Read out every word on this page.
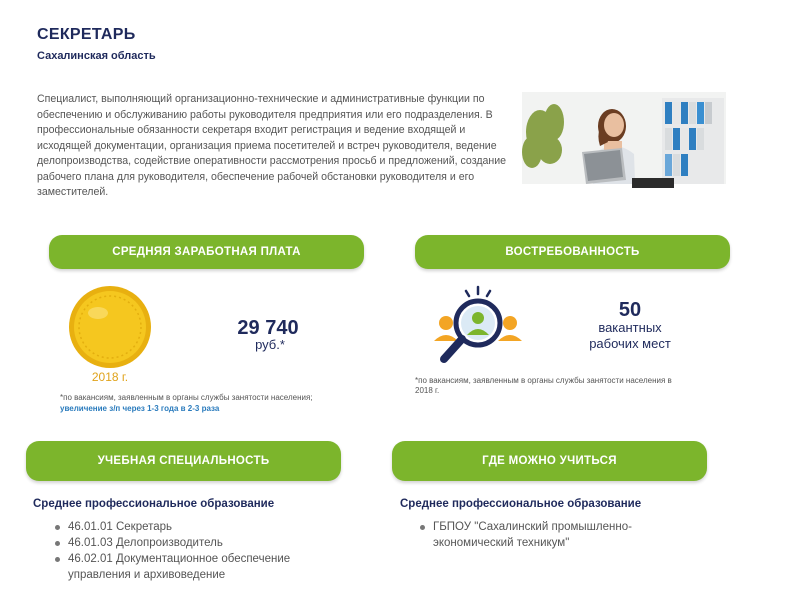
СЕКРЕТАРЬ
Сахалинская область
Специалист, выполняющий организационно-технические и административные функции по обеспечению и обслуживанию работы руководителя предприятия или его подразделения. В профессиональные обязанности секретаря входит регистрация и ведение входящей и исходящей документации, организация приема посетителей и встреч руководителя, ведение делопроизводства, содействие оперативности рассмотрения просьб и предложений, создание рабочего плана для руководителя, обеспечение рабочей обстановки руководителя и его заместителей.
СРЕДНЯЯ ЗАРАБОТНАЯ ПЛАТА
29 740
руб.*
2018 г.
*по вакансиям, заявленным в органы службы занятости населения;
увеличение з/п через 1-3 года в 2-3 раза
ВОСТРЕБОВАННОСТЬ
50
вакантных
рабочих мест
*по вакансиям, заявленным в органы службы занятости населения в
2018 г.
УЧЕБНАЯ СПЕЦИАЛЬНОСТЬ
Среднее профессиональное образование
46.01.01 Секретарь
46.01.03 Делопроизводитель
46.02.01 Документационное обеспечение
управления и архивоведение
ГДЕ МОЖНО УЧИТЬСЯ
Среднее профессиональное образование
ГБПОУ "Сахалинский промышленно-
экономический техникум"
